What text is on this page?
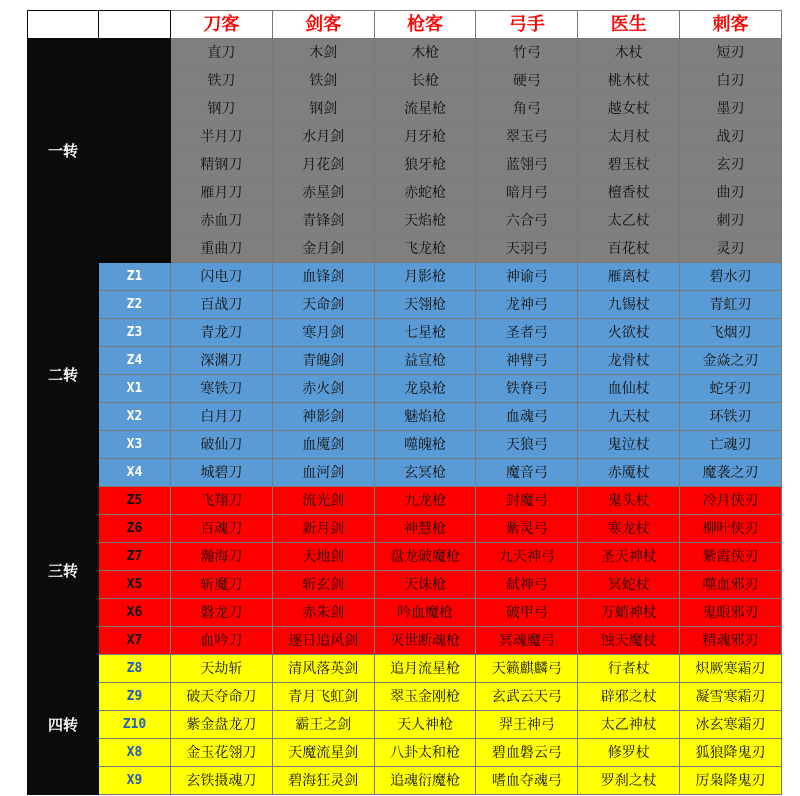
		刀客	剑客	枪客	弓手	医生	刺客
一转		直刀	木剑	木枪	竹弓	木杖	短刃
		铁刀	铁剑	长枪	硬弓	桃木杖	白刃
		钢刀	钢剑	流星枪	角弓	越女杖	墨刃
		半月刀	水月剑	月牙枪	翠玉弓	太月杖	战刃
		精钢刀	月花剑	狼牙枪	蓝翎弓	碧玉杖	玄刃
		雁月刀	赤星剑	赤蛇枪	暗月弓	檀香杖	曲刃
		赤血刀	青锋剑	天焰枪	六合弓	太乙杖	刺刃
		重曲刀	金月剑	飞龙枪	天羽弓	百花杖	灵刃
二转	Z1	闪电刀	血锋剑	月影枪	神谕弓	雁离杖	碧水刃
	Z2	百战刀	天命剑	天翎枪	龙神弓	九锡杖	青虹刃
	Z3	青龙刀	寒月剑	七星枪	圣者弓	火欲杖	飞烟刃
	Z4	深渊刀	青魄剑	益宣枪	神臂弓	龙骨杖	金焱之刃
	X1	寒铁刀	赤火剑	龙泉枪	铁脊弓	血仙杖	蛇牙刃
	X2	白月刀	神影剑	魅焰枪	血魂弓	九天杖	环铁刃
	X3	破仙刀	血魇剑	噬魄枪	天狼弓	鬼泣杖	亡魂刃
	X4	城碧刀	血河剑	玄冥枪	魔音弓	赤魇杖	魔袭之刃
三转	Z5	飞翔刀	流光剑	九龙枪	封魔弓	鬼头杖	冷月侠刃
	Z6	百魂刀	新月剑	神慧枪	紫灵弓	寒龙杖	柳叶侠刃
	Z7	瀚海刀	天地剑	盘龙破魔枪	九天神弓	圣天神杖	紫霞侠刃
	X5	斩魔刀	斩玄剑	天诛枪	弑神弓	冥蛇杖	噬血邪刃
	X6	磐龙刀	赤朱剑	吟血魔枪	破甲弓	万蛸神杖	鬼眼邪刃
	X7	血吟刀	逐日追风剑	灭世断魂枪	冥魂魔弓	蚀天魔杖	精魂邪刃
四转	Z8	天劫斩	清风落英剑	追月流星枪	天籁麒麟弓	行者杖	炽厥寒霜刃
	Z9	破天夺命刀	青月飞虹剑	翠玉金刚枪	玄武云天弓	辟邪之杖	凝雪寒霜刃
	Z10	紫金盘龙刀	霸王之剑	天人神枪	羿王神弓	太乙神杖	冰玄寒霜刃
	X8	金玉花翎刀	天魔流星剑	八卦太和枪	碧血磐云弓	修罗杖	狐狼降鬼刃
	X9	玄铁摄魂刀	碧海狂灵剑	追魂衍魔枪	嗜血夺魂弓	罗刹之杖	厉枭降鬼刃
